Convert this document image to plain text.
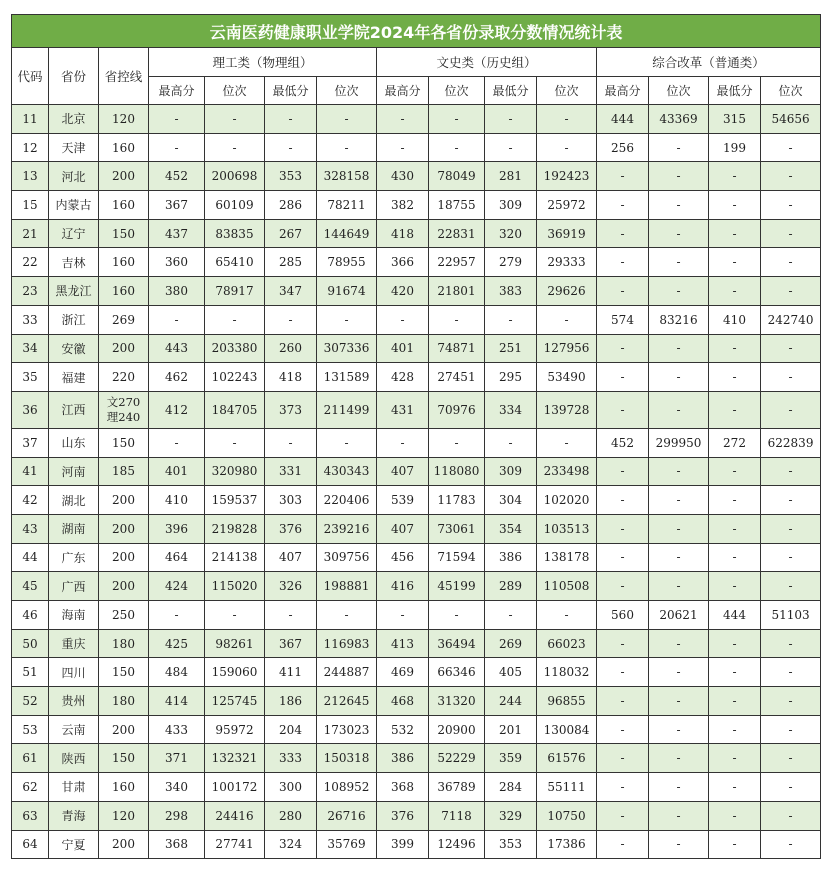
云南医药健康职业学院2024年各省份录取分数情况统计表														
代码	省份	省控线	理工类（物理组）				文史类（历史组）				综合改革（普通类）			
			最高分	位次	最低分	位次	最高分	位次	最低分	位次	最高分	位次	最低分	位次
11	北京	120	-	-	-	-	-	-	-	-	444	43369	315	54656
12	天津	160	-	-	-	-	-	-	-	-	256	-	199	-
13	河北	200	452	200698	353	328158	430	78049	281	192423	-	-	-	-
15	内蒙古	160	367	60109	286	78211	382	18755	309	25972	-	-	-	-
21	辽宁	150	437	83835	267	144649	418	22831	320	36919	-	-	-	-
22	吉林	160	360	65410	285	78955	366	22957	279	29333	-	-	-	-
23	黑龙江	160	380	78917	347	91674	420	21801	383	29626	-	-	-	-
33	浙江	269	-	-	-	-	-	-	-	-	574	83216	410	242740
34	安徽	200	443	203380	260	307336	401	74871	251	127956	-	-	-	-
35	福建	220	462	102243	418	131589	428	27451	295	53490	-	-	-	-
36	江西	文270
理240	412	184705	373	211499	431	70976	334	139728	-	-	-	-
37	山东	150	-	-	-	-	-	-	-	-	452	299950	272	622839
41	河南	185	401	320980	331	430343	407	118080	309	233498	-	-	-	-
42	湖北	200	410	159537	303	220406	539	11783	304	102020	-	-	-	-
43	湖南	200	396	219828	376	239216	407	73061	354	103513	-	-	-	-
44	广东	200	464	214138	407	309756	456	71594	386	138178	-	-	-	-
45	广西	200	424	115020	326	198881	416	45199	289	110508	-	-	-	-
46	海南	250	-	-	-	-	-	-	-	-	560	20621	444	51103
50	重庆	180	425	98261	367	116983	413	36494	269	66023	-	-	-	-
51	四川	150	484	159060	411	244887	469	66346	405	118032	-	-	-	-
52	贵州	180	414	125745	186	212645	468	31320	244	96855	-	-	-	-
53	云南	200	433	95972	204	173023	532	20900	201	130084	-	-	-	-
61	陕西	150	371	132321	333	150318	386	52229	359	61576	-	-	-	-
62	甘肃	160	340	100172	300	108952	368	36789	284	55111	-	-	-	-
63	青海	120	298	24416	280	26716	376	7118	329	10750	-	-	-	-
64	宁夏	200	368	27741	324	35769	399	12496	353	17386	-	-	-	-
